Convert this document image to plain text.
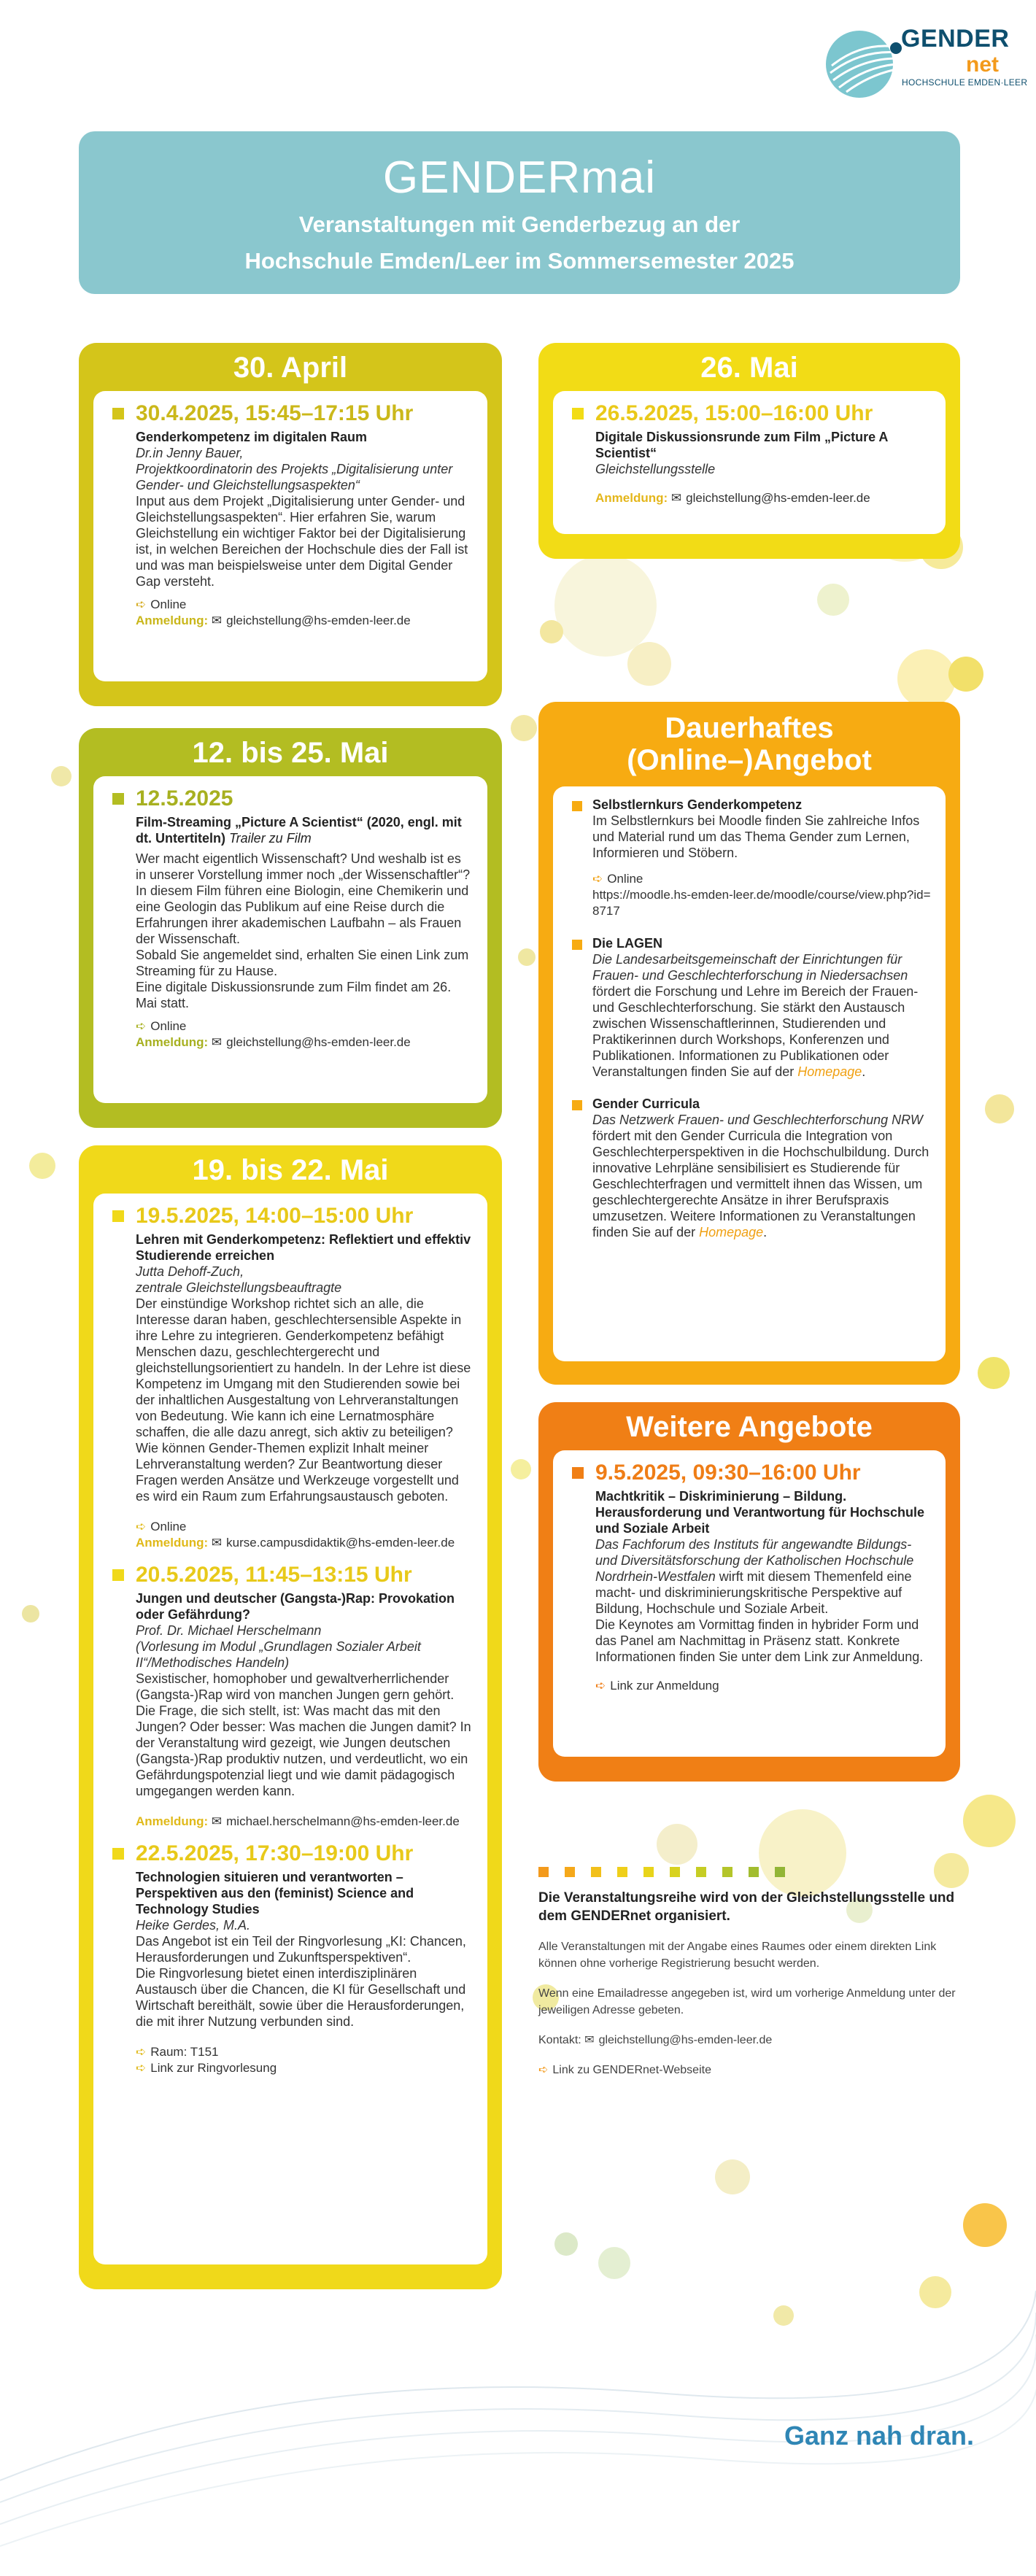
GENDER
net
HOCHSCHULE EMDEN·LEER
GENDERmai

Veranstaltungen mit Genderbezug an der

Hochschule Emden/Leer im Sommersemester 2025

30. April
30.4.2025, 15:45–17:15 Uhr
Genderkompetenz im digitalen Raum
Dr.in Jenny Bauer,
Projektkoordinatorin des Projekts „Digitalisierung unter Gender- und Gleichstellungsaspekten“
Input aus dem Projekt „Digitalisierung unter Gender- und Gleichstellungsaspekten“. Hier erfahren Sie, warum Gleichstellung ein wichtiger Faktor bei der Digitalisierung ist, in welchen Bereichen der Hochschule dies der Fall ist und was man beispielsweise unter dem Digital Gender Gap versteht.
➪ Online
Anmeldung: ✉ gleichstellung@hs-emden-leer.de
12. bis 25. Mai
12.5.2025
Film-Streaming „Picture A Scientist“ (2020, engl. mit dt. Untertiteln) Trailer zu Film
Wer macht eigentlich Wissenschaft? Und weshalb ist es in unserer Vorstellung immer noch „der Wissenschaftler“? In diesem Film führen eine Biologin, eine Chemikerin und eine Geologin das Publikum auf eine Reise durch die Erfahrungen ihrer akademischen Laufbahn – als Frauen der Wissenschaft.
Sobald Sie angemeldet sind, erhalten Sie einen Link zum Streaming für zu Hause.
Eine digitale Diskussionsrunde zum Film findet am 26. Mai statt.
➪ Online
Anmeldung: ✉ gleichstellung@hs-emden-leer.de
19. bis 22. Mai
19.5.2025, 14:00–15:00 Uhr
Lehren mit Genderkompetenz: Reflektiert und effektiv Studierende erreichen
Jutta Dehoff-Zuch,
zentrale Gleichstellungsbeauftragte
Der einstündige Workshop richtet sich an alle, die Interesse daran haben, geschlechtersensible Aspekte in ihre Lehre zu integrieren. Genderkompetenz befähigt Menschen dazu, geschlechtergerecht und gleichstellungsorientiert zu handeln. In der Lehre ist diese Kompetenz im Umgang mit den Studierenden sowie bei der inhaltlichen Ausgestaltung von Lehrveranstaltungen von Bedeutung. Wie kann ich eine Lernatmosphäre schaffen, die alle dazu anregt, sich aktiv zu beteiligen? Wie können Gender-Themen explizit Inhalt meiner Lehrveranstaltung werden? Zur Beantwortung dieser Fragen werden Ansätze und Werkzeuge vorgestellt und es wird ein Raum zum Erfahrungsaustausch geboten.
➪ Online
Anmeldung: ✉ kurse.campusdidaktik@hs-emden-leer.de
20.5.2025, 11:45–13:15 Uhr
Jungen und deutscher (Gangsta-)Rap: Provokation oder Gefährdung?
Prof. Dr. Michael Herschelmann
(Vorlesung im Modul „Grundlagen Sozialer Arbeit II“/Methodisches Handeln)
Sexistischer, homophober und gewaltverherrlichender (Gangsta-)Rap wird von manchen Jungen gern gehört. Die Frage, die sich stellt, ist: Was macht das mit den Jungen? Oder besser: Was machen die Jungen damit? In der Veranstaltung wird gezeigt, wie Jungen deutschen (Gangsta-)Rap produktiv nutzen, und verdeutlicht, wo ein Gefährdungspotenzial liegt und wie damit pädagogisch umgegangen werden kann.
Anmeldung: ✉ michael.herschelmann@hs-emden-leer.de
22.5.2025, 17:30–19:00 Uhr
Technologien situieren und verantworten – Perspektiven aus den (feminist) Science and Technology Studies
Heike Gerdes, M.A.
Das Angebot ist ein Teil der Ringvorlesung „KI: Chancen, Herausforderungen und Zukunftsperspektiven“.
Die Ringvorlesung bietet einen interdisziplinären Austausch über die Chancen, die KI für Gesellschaft und Wirtschaft bereithält, sowie über die Herausforderungen, die mit ihrer Nutzung verbunden sind.
➪ Raum: T151
➪ Link zur Ringvorlesung
26. Mai
26.5.2025, 15:00–16:00 Uhr
Digitale Diskussionsrunde zum Film „Picture A Scientist“
Gleichstellungsstelle
Anmeldung: ✉ gleichstellung@hs-emden-leer.de
Dauerhaftes
(Online–)Angebot
Selbstlernkurs Genderkompetenz
Im Selbstlernkurs bei Moodle finden Sie zahlreiche Infos und Material rund um das Thema Gender zum Lernen, Informieren und Stöbern.
➪ Online
https://moodle.hs-emden-leer.de/moodle/course/view.php?id=8717
Die LAGEN
Die Landesarbeitsgemeinschaft der Einrichtungen für Frauen- und Geschlechterforschung in Niedersachsen fördert die Forschung und Lehre im Bereich der Frauen- und Geschlechterforschung. Sie stärkt den Austausch zwischen Wissenschaftlerinnen, Studierenden und Praktikerinnen durch Workshops, Konferenzen und Publikationen. Informationen zu Publikationen oder Veranstaltungen finden Sie auf der Homepage.
Gender Curricula
Das Netzwerk Frauen- und Geschlechterforschung NRW fördert mit den Gender Curricula die Integration von Geschlechterperspektiven in die Hochschulbildung. Durch innovative Lehrpläne sensibilisiert es Studierende für Geschlechterfragen und vermittelt ihnen das Wissen, um geschlechtergerechte Ansätze in ihrer Berufspraxis umzusetzen. Weitere Informationen zu Veranstaltungen finden Sie auf der Homepage.
Weitere Angebote
9.5.2025, 09:30–16:00 Uhr
Machtkritik – Diskriminierung – Bildung. Herausforderung und Verantwortung für Hochschule und Soziale Arbeit
Das Fachforum des Instituts für angewandte Bildungs- und Diversitätsforschung der Katholischen Hochschule Nordrhein-Westfalen wirft mit diesem Themenfeld eine macht- und diskriminierungskritische Perspektive auf Bildung, Hochschule und Soziale Arbeit.
Die Keynotes am Vormittag finden in hybrider Form und das Panel am Nachmittag in Präsenz statt. Konkrete Informationen finden Sie unter dem Link zur Anmeldung.
➪ Link zur Anmeldung
Die Veranstaltungsreihe wird von der Gleichstellungsstelle und dem GENDERnet organisiert.
Alle Veranstaltungen mit der Angabe eines Raumes oder einem direkten Link können ohne vorherige Registrierung besucht werden.
Wenn eine Emailadresse angegeben ist, wird um vorherige Anmeldung unter der jeweiligen Adresse gebeten.
Kontakt: ✉ gleichstellung@hs-emden-leer.de
➪ Link zu GENDERnet-Webseite
Ganz nah dran.
